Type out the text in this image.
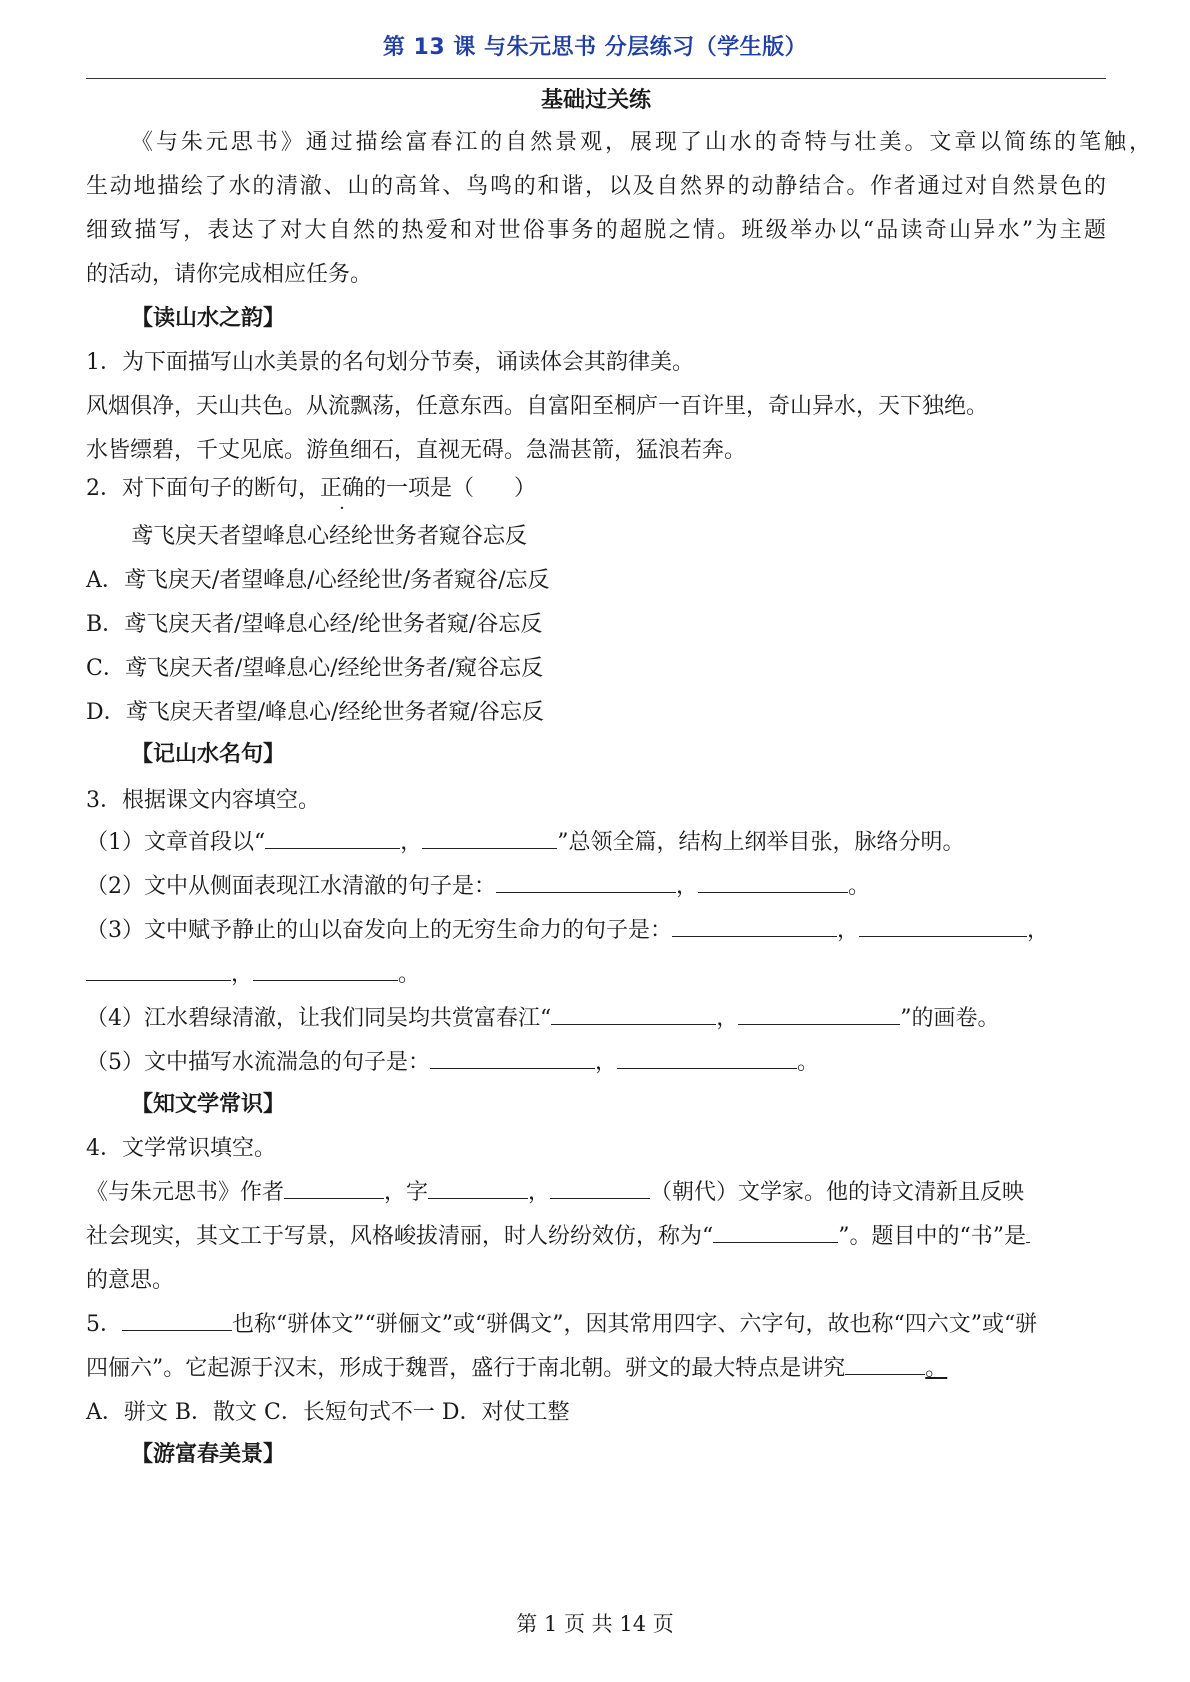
第 13 课 与朱元思书 分层练习（学生版）
基础过关练
《与朱元思书》通过描绘富春江的自然景观，展现了山水的奇特与壮美。文章以简练的笔触，
生动地描绘了水的清澈、山的高耸、鸟鸣的和谐，以及自然界的动静结合。作者通过对自然景色的
细致描写，表达了对大自然的热爱和对世俗事务的超脱之情。班级举办以“品读奇山异水”为主题
的活动，请你完成相应任务。
【读山水之韵】
1．为下面描写山水美景的名句划分节奏，诵读体会其韵律美。
风烟俱净，天山共色。从流飘荡，任意东西。自富阳至桐庐一百许里，奇山异水，天下独绝。
水皆缥碧，千丈见底。游鱼细石，直视无碍。急湍甚箭，猛浪若奔。
2．对下面句子的断句，正确的一项是（ ）
鸢飞戾天者望峰息心经纶世务者窥谷忘反
A．鸢飞戾天/者望峰息/心经纶世/务者窥谷/忘反
B．鸢飞戾天者/望峰息心经/纶世务者窥/谷忘反
C．鸢飞戾天者/望峰息心/经纶世务者/窥谷忘反
D．鸢飞戾天者望/峰息心/经纶世务者窥/谷忘反
【记山水名句】
3．根据课文内容填空。
（1）文章首段以“	，	”总领全篇，结构上纲举目张，脉络分明。
（2）文中从侧面表现江水清澈的句子是：	，	。
（3）文中赋予静止的山以奋发向上的无穷生命力的句子是：	，	，
，	。
（4）江水碧绿清澈，让我们同吴均共赏富春江“	，	”的画卷。
（5）文中描写水流湍急的句子是：	，	。
【知文学常识】
4．文学常识填空。
《与朱元思书》作者	，字	，	（朝代）文学家。他的诗文清新且反映
社会现实，其文工于写景，风格峻拔清丽，时人纷纷效仿，称为“	”。题目中的“书”是
的意思。
5．	也称“骈体文”“骈俪文”或“骈偶文”，因其常用四字、六字句，故也称“四六文”或“骈
四俪六”。它起源于汉末，形成于魏晋，盛行于南北朝。骈文的最大特点是讲究	。
A．骈文 B．散文 C．长短句式不一 D．对仗工整
【游富春美景】
第 1 页 共 14 页
